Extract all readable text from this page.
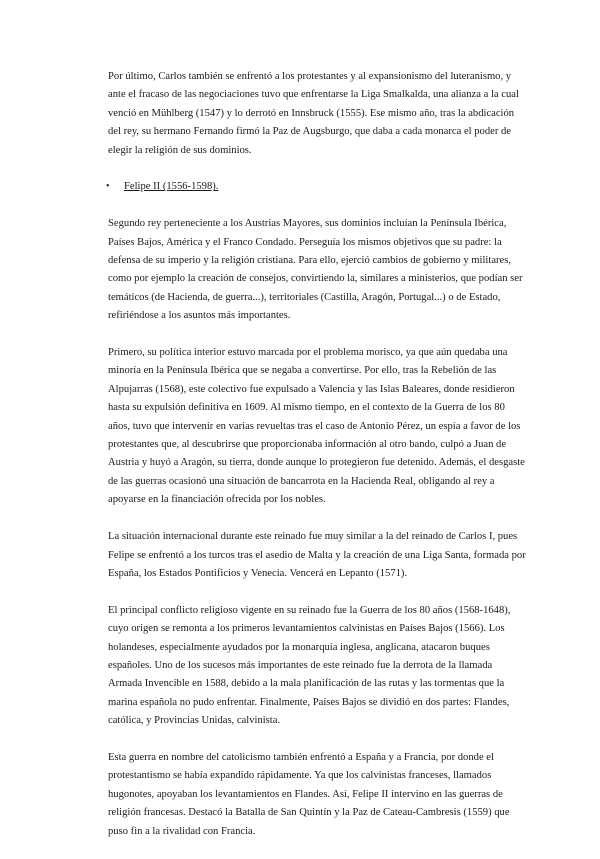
Por último, Carlos también se enfrentó a los protestantes y al expansionismo del luteranismo, y ante el fracaso de las negociaciones tuvo que enfrentarse la Liga Smalkalda, una alianza a la cual venció en Mühlberg (1547) y lo derrotó en Innsbruck (1555). Ese mismo año, tras la abdicación del rey, su hermano Fernando firmó la Paz de Augsburgo, que daba a cada monarca el poder de elegir la religión de sus dominios.

• Felipe II (1556-1598).

Segundo rey perteneciente a los Austrias Mayores, sus dominios incluían la Península Ibérica, Países Bajos, América y el Franco Condado. Perseguía los mismos objetivos que su padre: la defensa de su imperio y la religión cristiana. Para ello, ejerció cambios de gobierno y militares, como por ejemplo la creación de consejos, convirtiendo la, similares a ministerios, que podían ser temáticos (de Hacienda, de guerra...), territoriales (Castilla, Aragón, Portugal...) o de Estado, refiriéndose a los asuntos más importantes.

Primero, su política interior estuvo marcada por el problema morisco, ya que aún quedaba una minoría en la Península Ibérica que se negaba a convertirse. Por ello, tras la Rebelión de las Alpujarras (1568), este colectivo fue expulsado a Valencia y las Islas Baleares, donde residieron hasta su expulsión definitiva en 1609. Al mismo tiempo, en el contexto de la Guerra de los 80 años, tuvo que intervenir en varias revueltas tras el caso de Antonio Pérez, un espía a favor de los protestantes que, al descubrirse que proporcionaba información al otro bando, culpó a Juan de Austria y huyó a Aragón, su tierra, donde aunque lo protegieron fue detenido. Además, el desgaste de las guerras ocasionó una situación de bancarrota en la Hacienda Real, obligando al rey a apoyarse en la financiación ofrecida por los nobles.

La situación internacional durante este reinado fue muy similar a la del reinado de Carlos I, pues Felipe se enfrentó a los turcos tras el asedio de Malta y la creación de una Liga Santa, formada por España, los Estados Pontificios y Venecia. Vencerá en Lepanto (1571).

El principal conflicto religioso vigente en su reinado fue la Guerra de los 80 años (1568-1648), cuyo origen se remonta a los primeros levantamientos calvinistas en Países Bajos (1566). Los holandeses, especialmente ayudados por la monarquía inglesa, anglicana, atacaron buques españoles. Uno de los sucesos más importantes de este reinado fue la derrota de la llamada Armada Invencible en 1588, debido a la mala planificación de las rutas y las tormentas que la marina española no pudo enfrentar. Finalmente, Países Bajos se dividió en dos partes: Flandes, católica, y Provincias Unidas, calvinista.

Esta guerra en nombre del catolicismo también enfrentó a España y a Francia, por donde el protestantismo se había expandido rápidamente. Ya que los calvinistas franceses, llamados hugonotes, apoyaban los levantamientos en Flandes. Así, Felipe II intervino en las guerras de religión francesas. Destacó la Batalla de San Quintín y la Paz de Cateau-Cambresis (1559) que puso fin a la rivalidad con Francia.
